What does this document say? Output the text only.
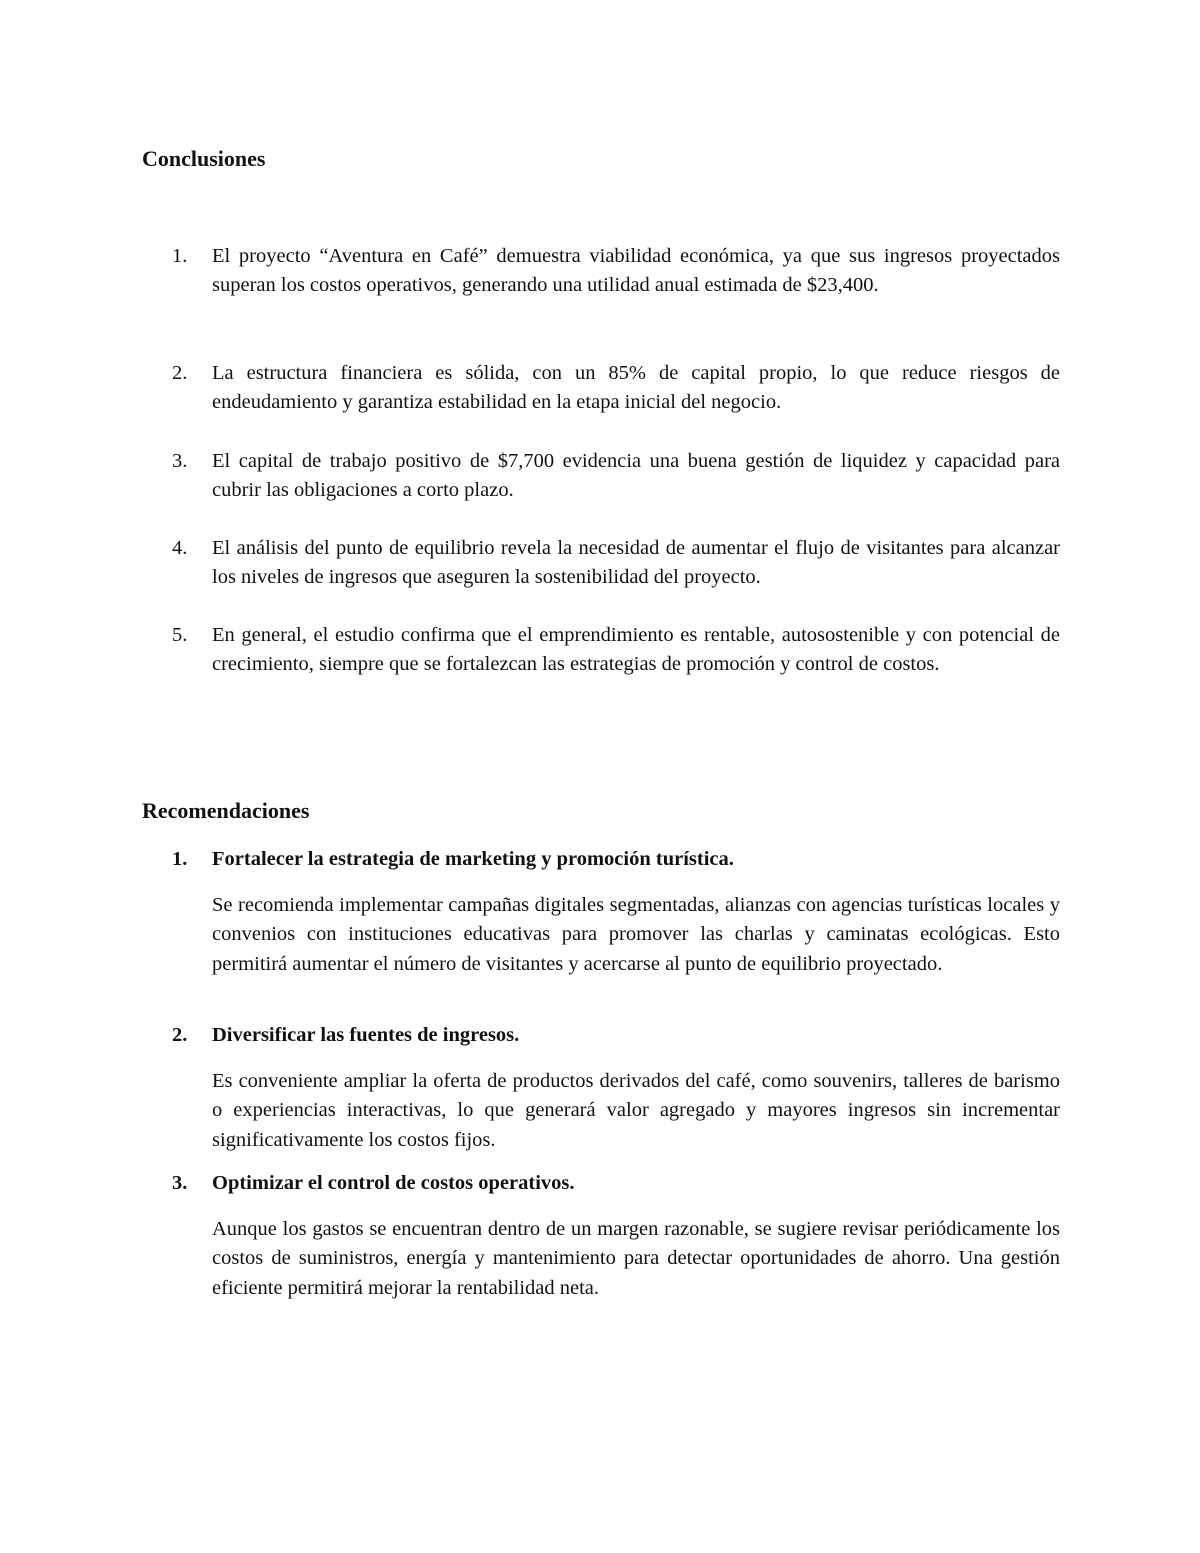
Conclusiones
1.	El proyecto “Aventura en Café” demuestra viabilidad económica, ya que sus ingresos proyectados superan los costos operativos, generando una utilidad anual estimada de $23,400.
2.	La estructura financiera es sólida, con un 85% de capital propio, lo que reduce riesgos de endeudamiento y garantiza estabilidad en la etapa inicial del negocio.
3.	El capital de trabajo positivo de $7,700 evidencia una buena gestión de liquidez y capacidad para cubrir las obligaciones a corto plazo.
4.	El análisis del punto de equilibrio revela la necesidad de aumentar el flujo de visitantes para alcanzar los niveles de ingresos que aseguren la sostenibilidad del proyecto.
5.	En general, el estudio confirma que el emprendimiento es rentable, autosostenible y con potencial de crecimiento, siempre que se fortalezcan las estrategias de promoción y control de costos.
Recomendaciones
1.	Fortalecer la estrategia de marketing y promoción turística.
Se recomienda implementar campañas digitales segmentadas, alianzas con agencias turísticas locales y convenios con instituciones educativas para promover las charlas y caminatas ecológicas. Esto permitirá aumentar el número de visitantes y acercarse al punto de equilibrio proyectado.
2.	Diversificar las fuentes de ingresos.
Es conveniente ampliar la oferta de productos derivados del café, como souvenirs, talleres de barismo o experiencias interactivas, lo que generará valor agregado y mayores ingresos sin incrementar significativamente los costos fijos.
3.	Optimizar el control de costos operativos.
Aunque los gastos se encuentran dentro de un margen razonable, se sugiere revisar periódicamente los costos de suministros, energía y mantenimiento para detectar oportunidades de ahorro. Una gestión eficiente permitirá mejorar la rentabilidad neta.
